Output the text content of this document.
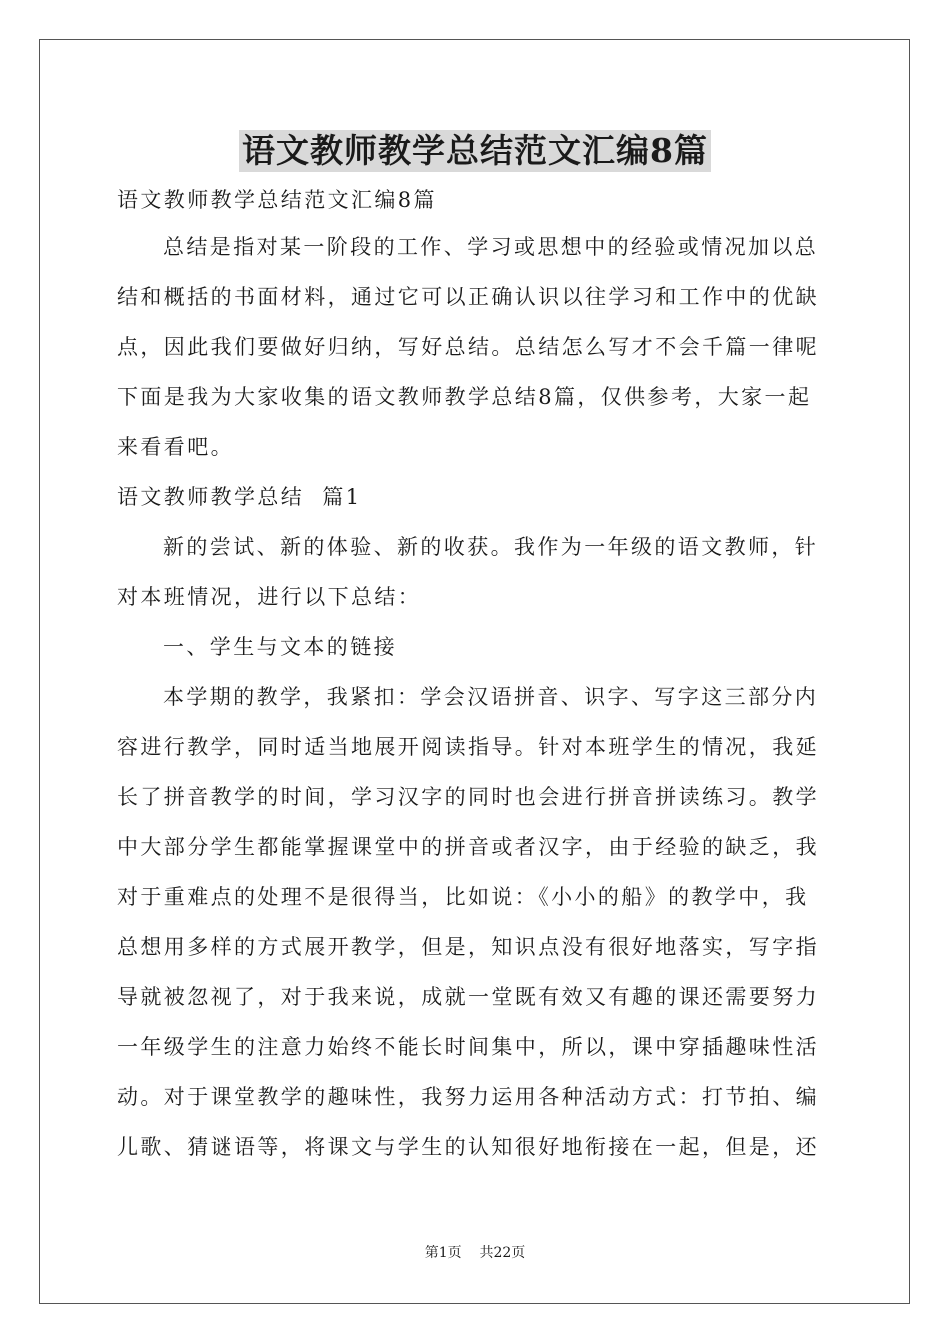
语文教师教学总结范文汇编8篇

语文教师教学总结范文汇编8篇

总结是指对某一阶段的工作、学习或思想中的经验或情况加以总

结和概括的书面材料，通过它可以正确认识以往学习和工作中的优缺

点，因此我们要做好归纳，写好总结。总结怎么写才不会千篇一律呢

下面是我为大家收集的语文教师教学总结8篇，仅供参考，大家一起

来看看吧。

语文教师教学总结  篇1

新的尝试、新的体验、新的收获。我作为一年级的语文教师，针

对本班情况，进行以下总结：

一、学生与文本的链接

本学期的教学，我紧扣：学会汉语拼音、识字、写字这三部分内

容进行教学，同时适当地展开阅读指导。针对本班学生的情况，我延

长了拼音教学的时间，学习汉字的同时也会进行拼音拼读练习。教学

中大部分学生都能掌握课堂中的拼音或者汉字，由于经验的缺乏，我

对于重难点的处理不是很得当，比如说：《小小的船》的教学中，我

总想用多样的方式展开教学，但是，知识点没有很好地落实，写字指

导就被忽视了，对于我来说，成就一堂既有效又有趣的课还需要努力

一年级学生的注意力始终不能长时间集中，所以，课中穿插趣味性活

动。对于课堂教学的趣味性，我努力运用各种活动方式：打节拍、编

儿歌、猜谜语等，将课文与学生的认知很好地衔接在一起，但是，还

第1页    共22页
